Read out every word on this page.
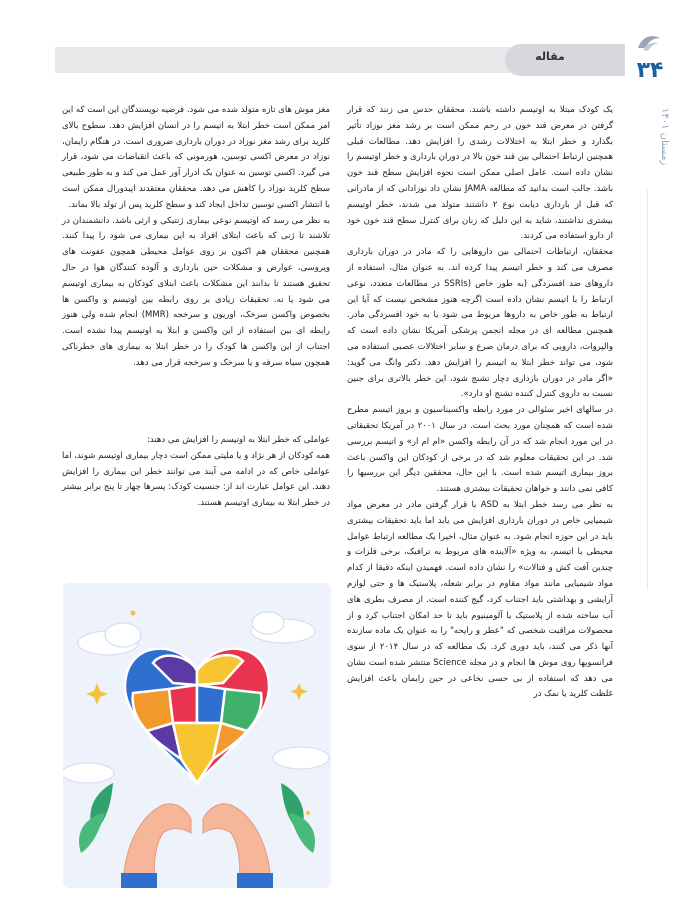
مقاله
۳۴
زمستان ۱۴۰۱

یک کودک مبتلا به اوتیسم داشته باشند. محققان حدس می زنند که قرار گرفتن در معرض قند خون در رحم ممکن است بر رشد مغز نوزاد تأثیر بگذارد و خطر ابتلا به اختلالات رشدی را افزایش دهد. مطالعات قبلی همچنین ارتباط احتمالی بین قند خون بالا در دوران بارداری و خطر اوتیسم را نشان داده است. عامل اصلی ممکن است نحوه افزایش سطح قند خون باشد. جالب است بدانید که مطالعه JAMA نشان داد نوزادانی که از مادرانی که قبل از بارداری دیابت نوع ۲ داشتند متولد می شدند، خطر اوتیسم بیشتری نداشتند، شاید به این دلیل که زنان برای کنترل سطح قند خون خود از دارو استفاده می کردند.

محققان، ارتباطات احتمالی بین داروهایی را که مادر در دوران بارداری مصرف می کند و خطر اتیسم پیدا کرده اند. به عنوان مثال، استفاده از داروهای ضد افسردگی (به طور خاص (SSRIs در مطالعات متعدد، نوعی ارتباط را با اتیسم نشان داده است اگرچه هنوز مشخص نیست که آیا این ارتباط به طور خاص به داروها مربوط می شود یا به خود افسردگی مادر. همچنین مطالعه ای در مجله انجمن پزشکی آمریکا نشان داده است که والپروات، دارویی که برای درمان صرع و سایر اختلالات عصبی استفاده می شود، می تواند خطر ابتلا به اتیسم را افزایش دهد. دکتر وانگ می گوید: «اگر مادر در دوران بارداری دچار تشنج شود، این خطر بالاتری برای جنین نسبت به داروی کنترل کننده تشنج او دارد».

در سالهای اخیر سئوالی در مورد رابطه واکسیناسیون و بروز اتیسم مطرح شده است که همچنان مورد بحث است. در سال ۲۰۰۱ در آمریکا تحقیقاتی در این مورد انجام شد که در آن رابطه واکسن «ام ام ار» و اتیسم بررسی شد. در این تحقیقات معلوم شد که در برخی از کودکان این واکسن باعث بروز بیماری اتیسم شده است. با این حال، محققین دیگر این بررسیها را کافی نمی دانند و خواهان تحقیقات بیشتری هستند.

به نظر می رسد خطر ابتلا به ASD با قرار گرفتن مادر در معرض مواد شیمیایی خاص در دوران بارداری افزایش می یابد اما باید تحقیقات بیشتری باید در این حوزه انجام شود. به عنوان مثال، اخیرا یک مطالعه ارتباط عوامل محیطی با اتیسم، به ویژه «آلاینده های مربوط به ترافیک، برخی فلزات و چندین آفت کش و فتالات» را نشان داده است. فهمیدن اینکه دقیقا از کدام مواد شیمیایی مانند مواد مقاوم در برابر شعله، پلاستیک ها و حتی لوازم آرایشی و بهداشتی باید اجتناب کرد، گیج کننده است. از مصرف بطری های آب ساخته شده از پلاستیک یا آلومینیوم باید تا حد امکان اجتناب کرد و از محصولات مراقبت شخصی که "عطر و رایحه" را به عنوان یک ماده سازنده آنها ذکر می کنند، باید دوری کرد. یک مطالعه که در سال ۲۰۱۴ از سوی فرانسویها روی موش ها انجام و در مجله Science منتشر شده است نشان می دهد که استفاده از بی حسی نخاعی در حین زایمان باعث افزایش غلظت کلرید یا نمک در

مغز موش های تازه متولد شده می شود. فرضیه نویسندگان این است که این امر ممکن است خطر ابتلا به اتیسم را در انسان افزایش دهد. سطوح بالای کلرید برای رشد مغز نوزاد در دوران بارداری ضروری است. در هنگام زایمان، نوزاد در معرض اکسی توسین، هورمونی که باعث انقباضات می شود، قرار می گیرد. اکسی توسین به عنوان یک ادرار آور عمل می کند و به طور طبیعی سطح کلرید نوزاد را کاهش می دهد. محققان معتقدند اپیدورال ممکن است با انتشار اکسی توسین تداخل ایجاد کند و سطح کلرید پس از تولد بالا بماند.

به نظر می رسد که اوتیسم نوعی بیماری ژنتیکی و ارثی باشد. دانشمندان در تلاشند تا ژنی که باعث ابتلای افراد به این بیماری می شود را پیدا کنند. همچنین محققان هم اکنون بر روی عوامل محیطی همچون عفونت های ویروسی، عوارض و مشکلات حین بارداری و آلوده کنندگان هوا در حال تحقیق هستند تا بدانند این مشکلات باعث ابتلای کودکان به بیماری اوتیسم می شود یا نه. تحقیقات زیادی بر روی رابطه بین اوتیسم و واکسن ها بخصوص واکسن سرخک، اوریون و سرخجه (MMR) انجام شده ولی هنوز رابطه ای بین استفاده از این واکسن و ابتلا به اوتیسم پیدا نشده است. اجتناب از این واکسن ها کودک را در خطر ابتلا به بیماری های خطرناکی همچون سیاه سرفه و یا سرخک و سرخجه قرار می دهد.

عواملی که خطر ابتلا به اوتیسم را افزایش می دهند:

همه کودکان از هر نژاد و یا ملیتی ممکن است دچار بیماری اوتیسم شوند، اما عواملی خاص که در ادامه می آیند می توانند خطر این بیماری را افزایش دهند. این عوامل عبارت اند از: جنسیت کودک: پسرها چهار تا پنج برابر بیشتر در خطر ابتلا به بیماری اوتیسم هستند.
